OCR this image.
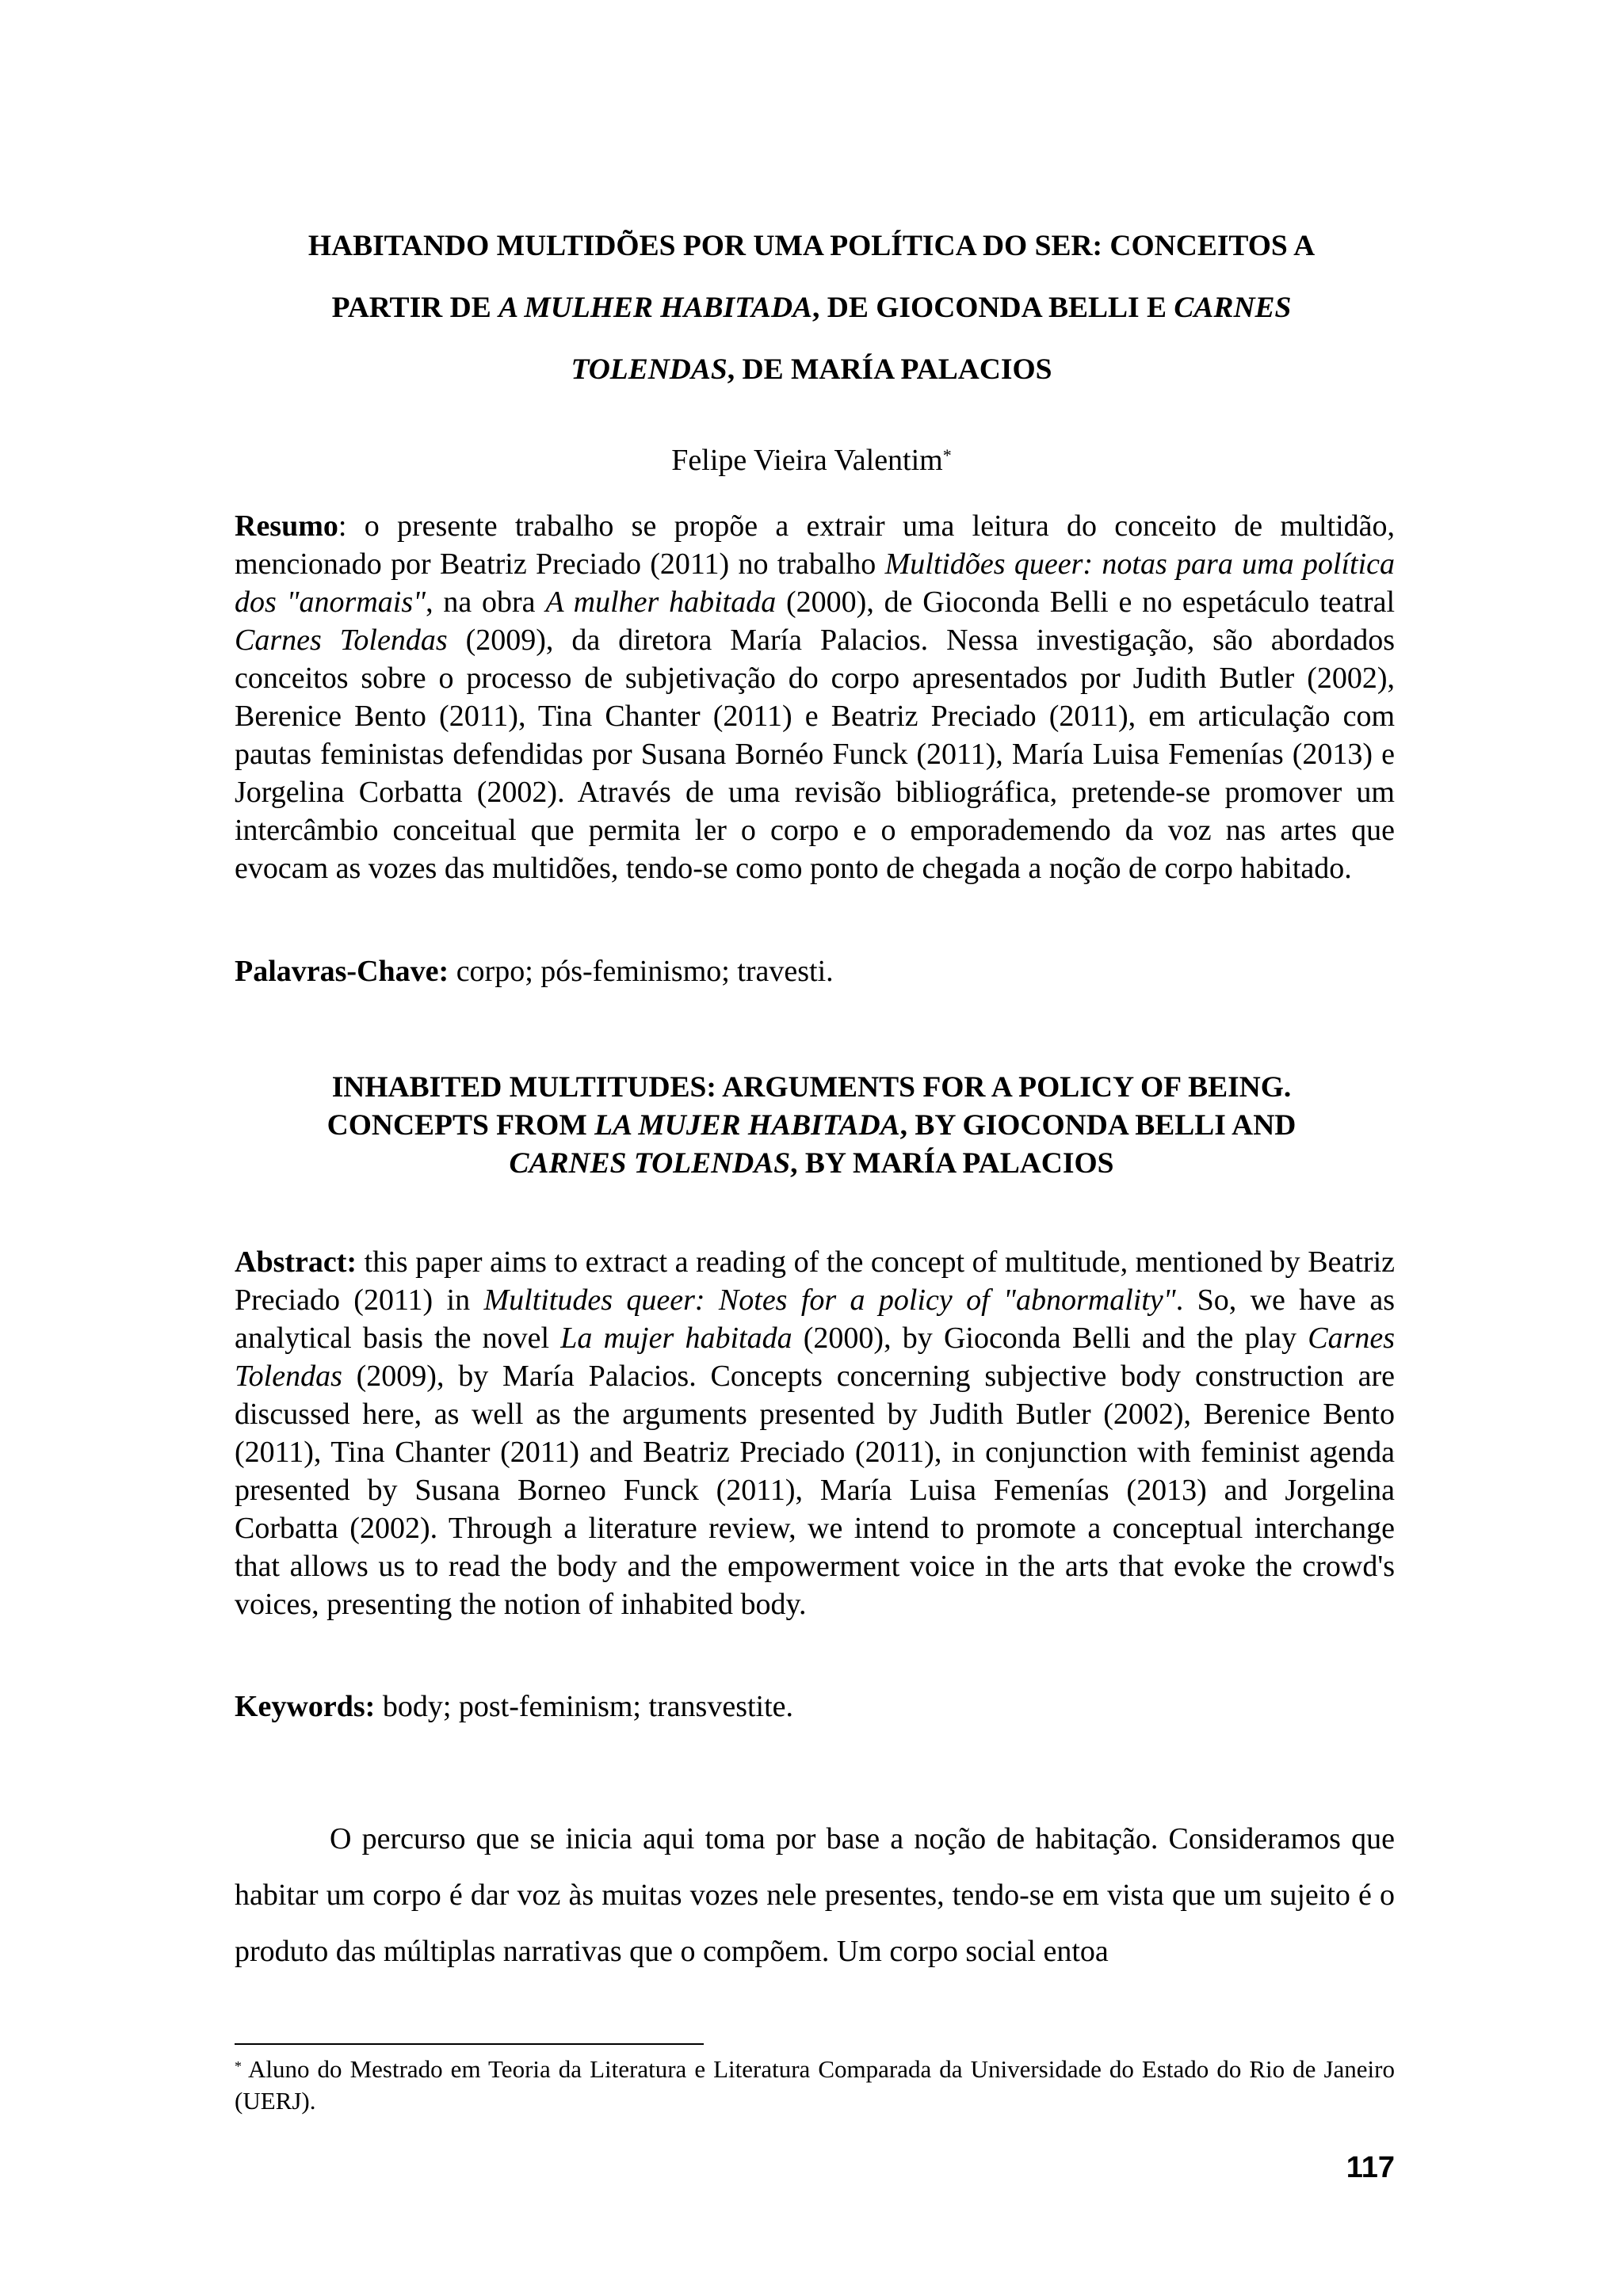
HABITANDO MULTIDÕES POR UMA POLÍTICA DO SER: CONCEITOS A
PARTIR DE A MULHER HABITADA, DE GIOCONDA BELLI E CARNES
TOLENDAS, DE MARÍA PALACIOS

Felipe Vieira Valentim*

Resumo: o presente trabalho se propõe a extrair uma leitura do conceito de multidão, mencionado por Beatriz Preciado (2011) no trabalho Multidões queer: notas para uma política dos "anormais", na obra A mulher habitada (2000), de Gioconda Belli e no espetáculo teatral Carnes Tolendas (2009), da diretora María Palacios. Nessa investigação, são abordados conceitos sobre o processo de subjetivação do corpo apresentados por Judith Butler (2002), Berenice Bento (2011), Tina Chanter (2011) e Beatriz Preciado (2011), em articulação com pautas feministas defendidas por Susana Bornéo Funck (2011), María Luisa Femenías (2013) e Jorgelina Corbatta (2002). Através de uma revisão bibliográfica, pretende-se promover um intercâmbio conceitual que permita ler o corpo e o emporademendo da voz nas artes que evocam as vozes das multidões, tendo-se como ponto de chegada a noção de corpo habitado.

Palavras-Chave: corpo; pós-feminismo; travesti.

INHABITED MULTITUDES: ARGUMENTS FOR A POLICY OF BEING.
CONCEPTS FROM LA MUJER HABITADA, BY GIOCONDA BELLI AND
CARNES TOLENDAS, BY MARÍA PALACIOS

Abstract: this paper aims to extract a reading of the concept of multitude, mentioned by Beatriz Preciado (2011) in Multitudes queer: Notes for a policy of "abnormality". So, we have as analytical basis the novel La mujer habitada (2000), by Gioconda Belli and the play Carnes Tolendas (2009), by María Palacios. Concepts concerning subjective body construction are discussed here, as well as the arguments presented by Judith Butler (2002), Berenice Bento (2011), Tina Chanter (2011) and Beatriz Preciado (2011), in conjunction with feminist agenda presented by Susana Borneo Funck (2011), María Luisa Femenías (2013) and Jorgelina Corbatta (2002). Through a literature review, we intend to promote a conceptual interchange that allows us to read the body and the empowerment voice in the arts that evoke the crowd's voices, presenting the notion of inhabited body.

Keywords: body; post-feminism; transvestite.

O percurso que se inicia aqui toma por base a noção de habitação. Consideramos que habitar um corpo é dar voz às muitas vozes nele presentes, tendo-se em vista que um sujeito é o produto das múltiplas narrativas que o compõem. Um corpo social entoa

* Aluno do Mestrado em Teoria da Literatura e Literatura Comparada da Universidade do Estado do Rio de Janeiro (UERJ).

117
